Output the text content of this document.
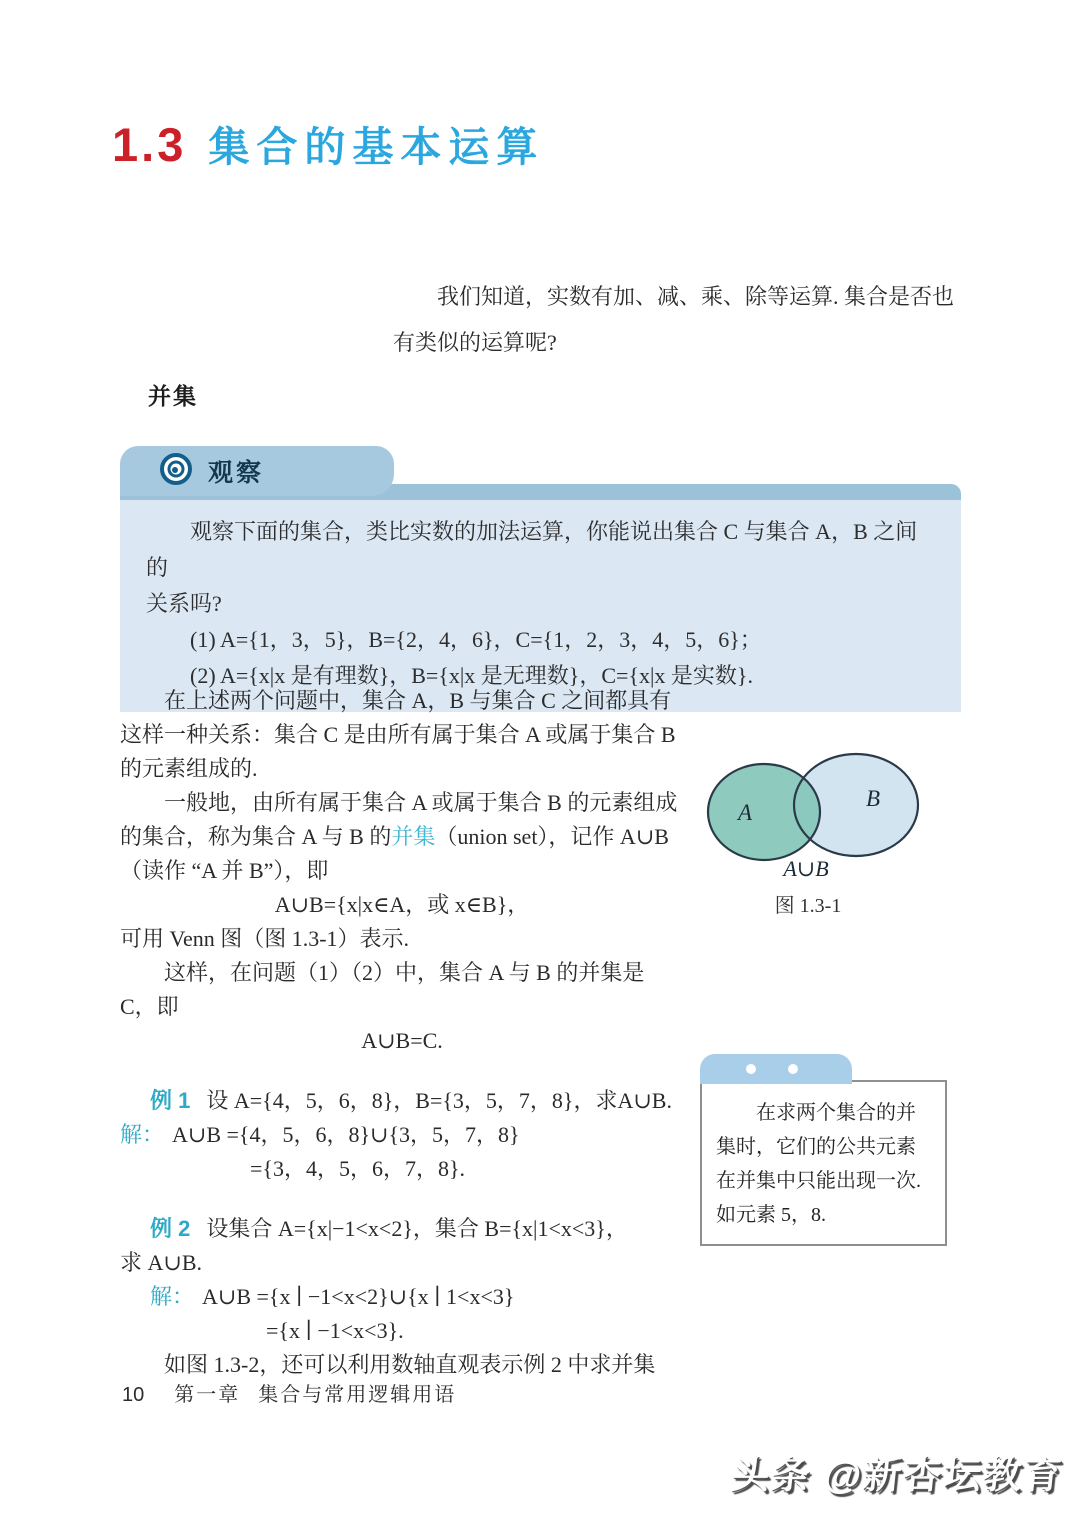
1.3 集合的基本运算
我们知道，实数有加、减、乘、除等运算. 集合是否也
有类似的运算呢?
并集
观察
观察下面的集合，类比实数的加法运算，你能说出集合 C 与集合 A，B 之间的
关系吗?
(1) A={1，3，5}，B={2，4，6}，C={1，2，3，4，5，6}；
(2) A={x|x 是有理数}，B={x|x 是无理数}，C={x|x 是实数}.
在上述两个问题中，集合 A，B 与集合 C 之间都具有
这样一种关系：集合 C 是由所有属于集合 A 或属于集合 B
的元素组成的.
一般地，由所有属于集合 A 或属于集合 B 的元素组成
的集合，称为集合 A 与 B 的并集（union set），记作 A∪B
（读作 “A 并 B”），即
A∪B={x|x∈A，或 x∈B}，
可用 Venn 图（图 1.3-1）表示.
这样，在问题（1）（2）中，集合 A 与 B 的并集是 C，即
A∪B=C.
例 1 设 A={4，5，6，8}，B={3，5，7，8}，求A∪B.
解： A∪B ={4，5，6，8}∪{3，5，7，8}
={3，4，5，6，7，8}.
例 2 设集合 A={x|−1<x<2}，集合 B={x|1<x<3}，
求 A∪B.
解： A∪B ={x ∣ −1<x<2}∪{x ∣ 1<x<3}
={x ∣ −1<x<3}.
如图 1.3-2，还可以利用数轴直观表示例 2 中求并集
A
B
A∪B
图 1.3-1
在求两个集合的并集时，它们的公共元素在并集中只能出现一次. 如元素 5，8.
10 第一章 集合与常用逻辑用语
头条 @新杏坛教育
